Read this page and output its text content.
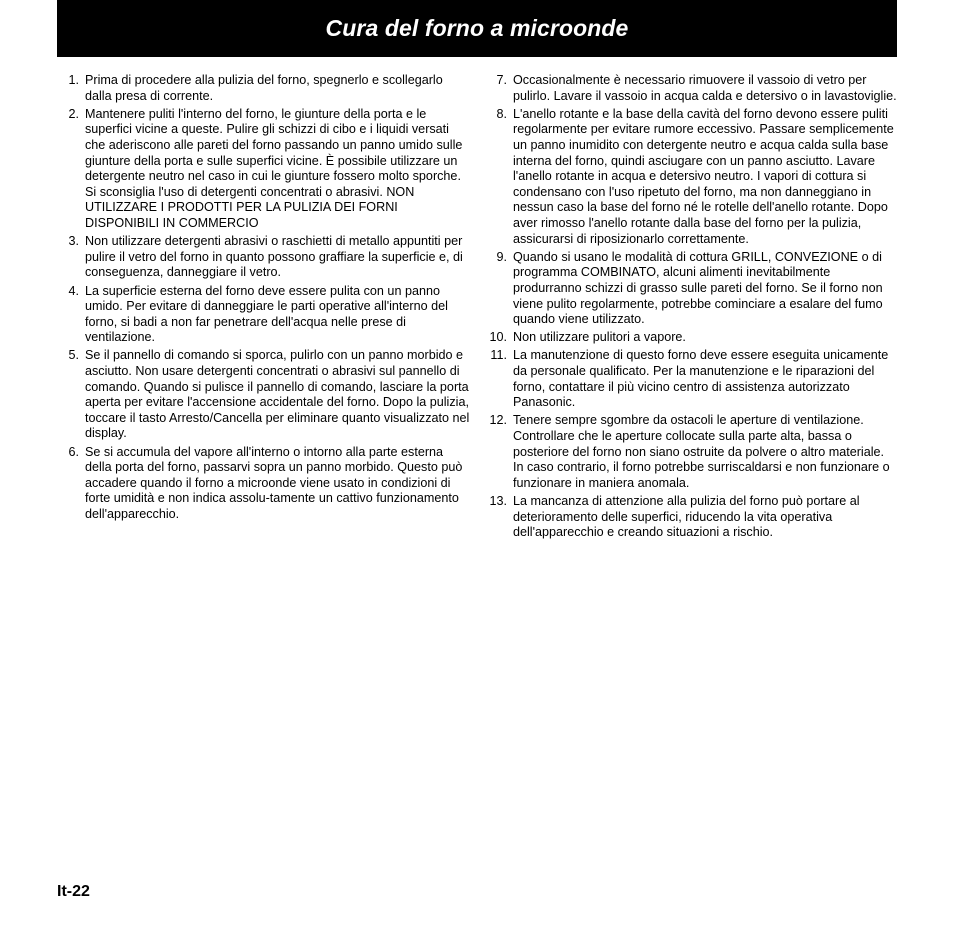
Cura del forno a microonde
1. Prima di procedere alla pulizia del forno, spegnerlo e scollegarlo dalla presa di corrente.
2. Mantenere puliti l'interno del forno, le giunture della porta e le superfici vicine a queste. Pulire gli schizzi di cibo e i liquidi versati che aderiscono alle pareti del forno passando un panno umido sulle giunture della porta e sulle superfici vicine. È possibile utilizzare un detergente neutro nel caso in cui le giunture fossero molto sporche. Si sconsiglia l'uso di detergenti concentrati o abrasivi. NON UTILIZZARE I PRODOTTI PER LA PULIZIA DEI FORNI DISPONIBILI IN COMMERCIO
3. Non utilizzare detergenti abrasivi o raschietti di metallo appuntiti per pulire il vetro del forno in quanto possono graffiare la superficie e, di conseguenza, danneggiare il vetro.
4. La superficie esterna del forno deve essere pulita con un panno umido. Per evitare di danneggiare le parti operative all'interno del forno, si badi a non far penetrare dell'acqua nelle prese di ventilazione.
5. Se il pannello di comando si sporca, pulirlo con un panno morbido e asciutto. Non usare detergenti concentrati o abrasivi sul pannello di comando. Quando si pulisce il pannello di comando, lasciare la porta aperta per evitare l'accensione accidentale del forno. Dopo la pulizia, toccare il tasto Arresto/Cancella per eliminare quanto visualizzato nel display.
6. Se si accumula del vapore all'interno o intorno alla parte esterna della porta del forno, passarvi sopra un panno morbido. Questo può accadere quando il forno a microonde viene usato in condizioni di forte umidità e non indica assolu-tamente un cattivo funzionamento dell'apparecchio.
7. Occasionalmente è necessario rimuovere il vassoio di vetro per pulirlo. Lavare il vassoio in acqua calda e detersivo o in lavastoviglie.
8. L'anello rotante e la base della cavità del forno devono essere puliti regolarmente per evitare rumore eccessivo. Passare semplicemente un panno inumidito con detergente neutro e acqua calda sulla base interna del forno, quindi asciugare con un panno asciutto. Lavare l'anello rotante in acqua e detersivo neutro. I vapori di cottura si condensano con l'uso ripetuto del forno, ma non danneggiano in nessun caso la base del forno né le rotelle dell'anello rotante. Dopo aver rimosso l'anello rotante dalla base del forno per la pulizia, assicurarsi di riposizionarlo correttamente.
9. Quando si usano le modalità di cottura GRILL, CONVEZIONE o di programma COMBINATO, alcuni alimenti inevitabilmente produrranno schizzi di grasso sulle pareti del forno. Se il forno non viene pulito regolarmente, potrebbe cominciare a esalare del fumo quando viene utilizzato.
10. Non utilizzare pulitori a vapore.
11. La manutenzione di questo forno deve essere eseguita unicamente da personale qualificato. Per la manutenzione e le riparazioni del forno, contattare il più vicino centro di assistenza autorizzato Panasonic.
12. Tenere sempre sgombre da ostacoli le aperture di ventilazione. Controllare che le aperture collocate sulla parte alta, bassa o posteriore del forno non siano ostruite da polvere o altro materiale. In caso contrario, il forno potrebbe surriscaldarsi e non funzionare o funzionare in maniera anomala.
13. La mancanza di attenzione alla pulizia del forno può portare al deterioramento delle superfici, riducendo la vita operativa dell'apparecchio e creando situazioni a rischio.
It-22
